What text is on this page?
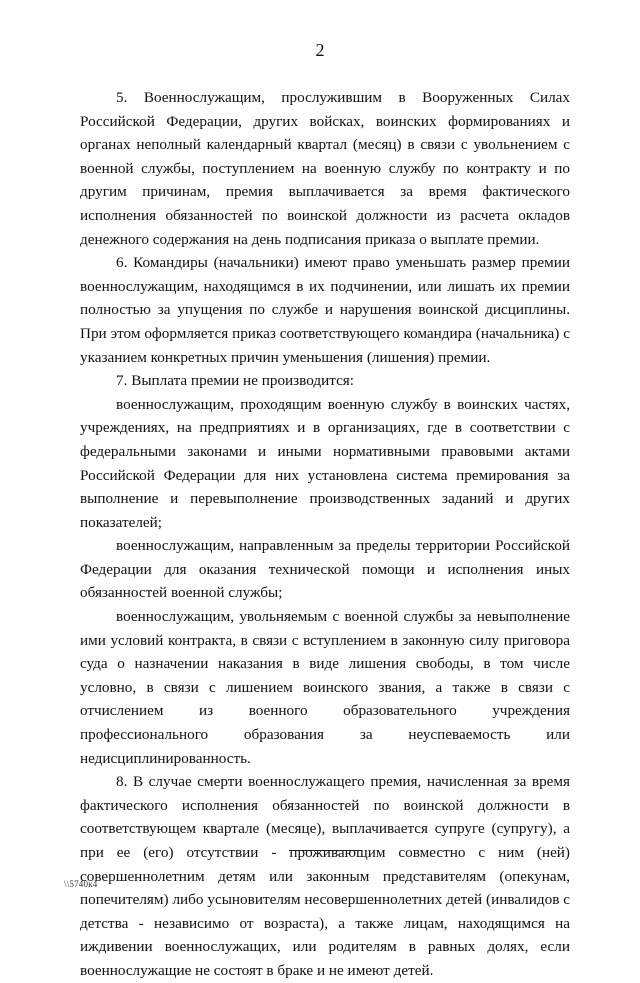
2

5. Военнослужащим, прослужившим в Вооруженных Силах Российской Федерации, других войсках, воинских формированиях и органах неполный календарный квартал (месяц) в связи с увольнением с военной службы, поступлением на военную службу по контракту и по другим причинам, премия выплачивается за время фактического исполнения обязанностей по воинской должности из расчета окладов денежного содержания на день подписания приказа о выплате премии.

6. Командиры (начальники) имеют право уменьшать размер премии военнослужащим, находящимся в их подчинении, или лишать их премии полностью за упущения по службе и нарушения воинской дисциплины. При этом оформляется приказ соответствующего командира (начальника) с указанием конкретных причин уменьшения (лишения) премии.

7. Выплата премии не производится:

военнослужащим, проходящим военную службу в воинских частях, учреждениях, на предприятиях и в организациях, где в соответствии с федеральными законами и иными нормативными правовыми актами Российской Федерации для них установлена система премирования за выполнение и перевыполнение производственных заданий и других показателей;

военнослужащим, направленным за пределы территории Российской Федерации для оказания технической помощи и исполнения иных обязанностей военной службы;

военнослужащим, увольняемым с военной службы за невыполнение ими условий контракта, в связи с вступлением в законную силу приговора суда о назначении наказания в виде лишения свободы, в том числе условно, в связи с лишением воинского звания, а также в связи с отчислением из военного образовательного учреждения профессионального образования за неуспеваемость или недисциплинированность.

8. В случае смерти военнослужащего премия, начисленная за время фактического исполнения обязанностей по воинской должности в соответствующем квартале (месяце), выплачивается супруге (супругу), а при ее (его) отсутствии - проживающим совместно с ним (ней) совершеннолетним детям или законным представителям (опекунам, попечителям) либо усыновителям несовершеннолетних детей (инвалидов с детства - независимо от возраста), а также лицам, находящимся на иждивении военнослужащих, или родителям в равных долях, если военнослужащие не состоят в браке и не имеют детей.

\\5740к4
